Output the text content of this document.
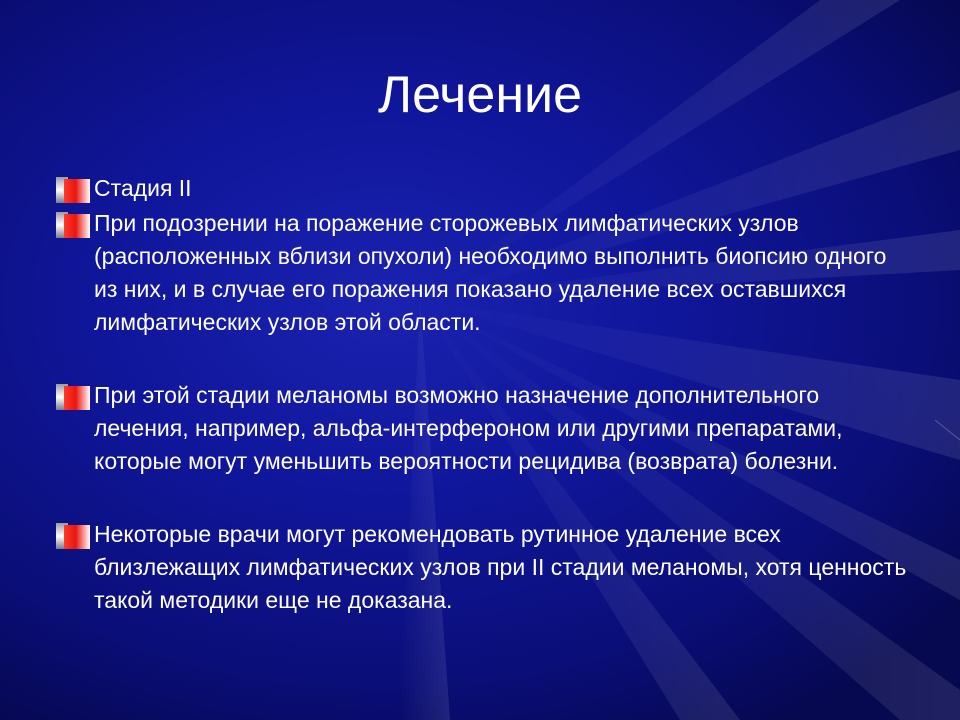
Лечение
Стадия II
При подозрении на поражение сторожевых лимфатических узлов (расположенных вблизи опухоли) необходимо выполнить биопсию одного из них, и в случае его поражения показано удаление всех оставшихся лимфатических узлов этой области.
При этой стадии меланомы возможно назначение дополнительного лечения, например, альфа-интерфероном или другими препаратами, которые могут уменьшить вероятности рецидива (возврата) болезни.
Некоторые врачи могут рекомендовать рутинное удаление всех близлежащих лимфатических узлов при II стадии меланомы, хотя ценность такой методики еще не доказана.
